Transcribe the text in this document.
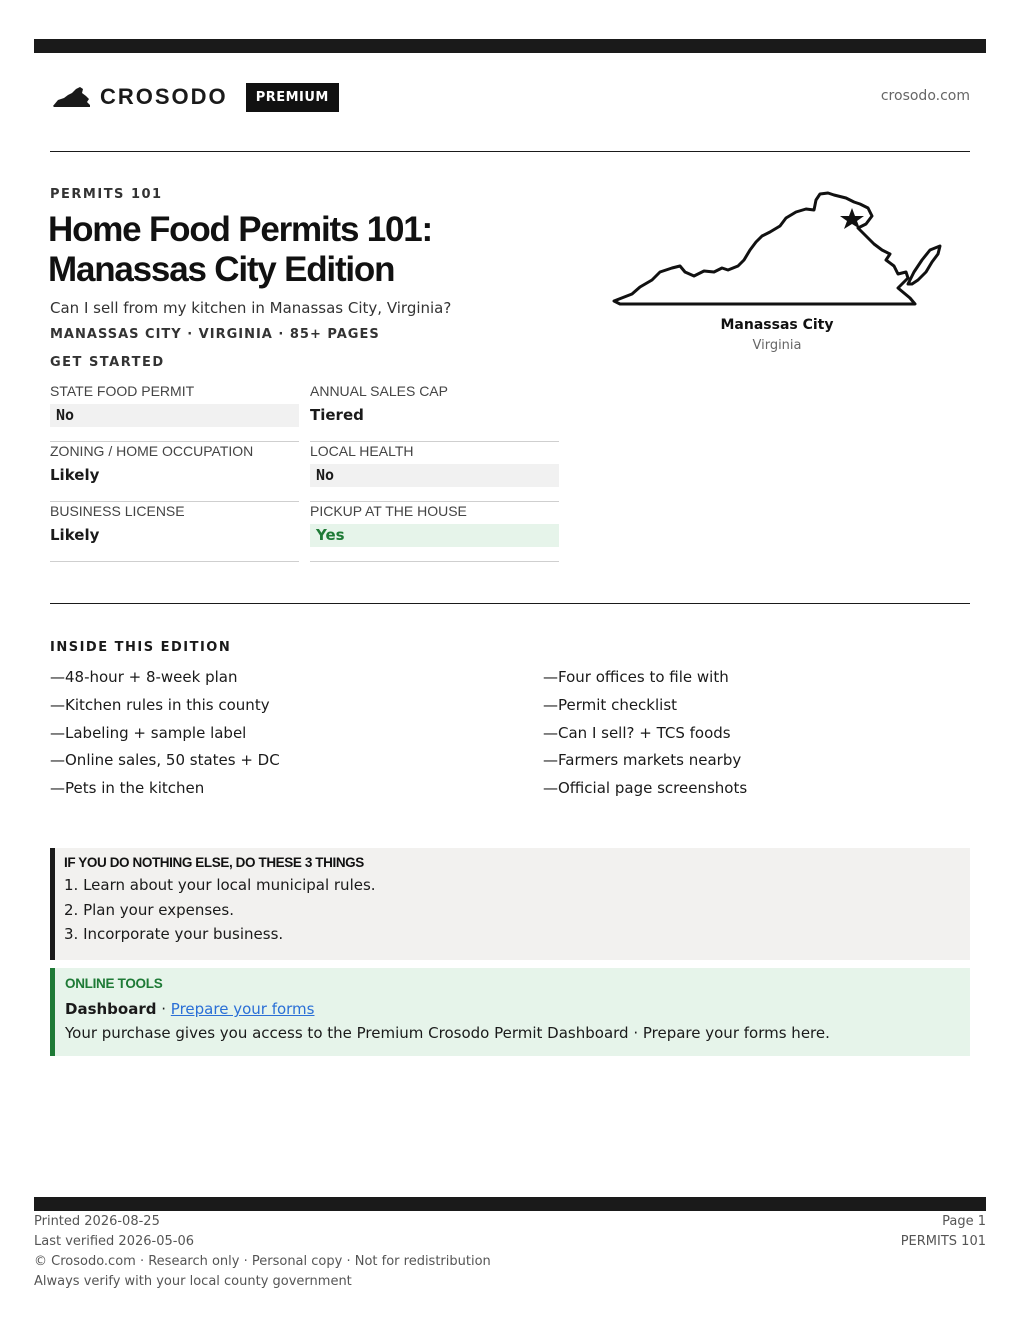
CROSODO	PREMIUM	crosodo.com
PERMITS 101
Home Food Permits 101:
Manassas City Edition
Can I sell from my kitchen in Manassas City, Virginia?
MANASSAS CITY · VIRGINIA · 85+ PAGES
GET STARTED
STATE FOOD PERMIT
No
ANNUAL SALES CAP
Tiered
ZONING / HOME OCCUPATION
Likely
LOCAL HEALTH
No
BUSINESS LICENSE
Likely
PICKUP AT THE HOUSE
Yes
Manassas City
Virginia
INSIDE THIS EDITION
—48-hour + 8-week plan
—Kitchen rules in this county
—Labeling + sample label
—Online sales, 50 states + DC
—Pets in the kitchen
—Four offices to file with
—Permit checklist
—Can I sell? + TCS foods
—Farmers markets nearby
—Official page screenshots
IF YOU DO NOTHING ELSE, DO THESE 3 THINGS
1. Learn about your local municipal rules.
2. Plan your expenses.
3. Incorporate your business.
ONLINE TOOLS
Dashboard · Prepare your forms
Your purchase gives you access to the Premium Crosodo Permit Dashboard · Prepare your forms here.
Printed 2026-08-25
Last verified 2026-05-06
© Crosodo.com · Research only · Personal copy · Not for redistribution
Always verify with your local county government
Page 1
PERMITS 101
